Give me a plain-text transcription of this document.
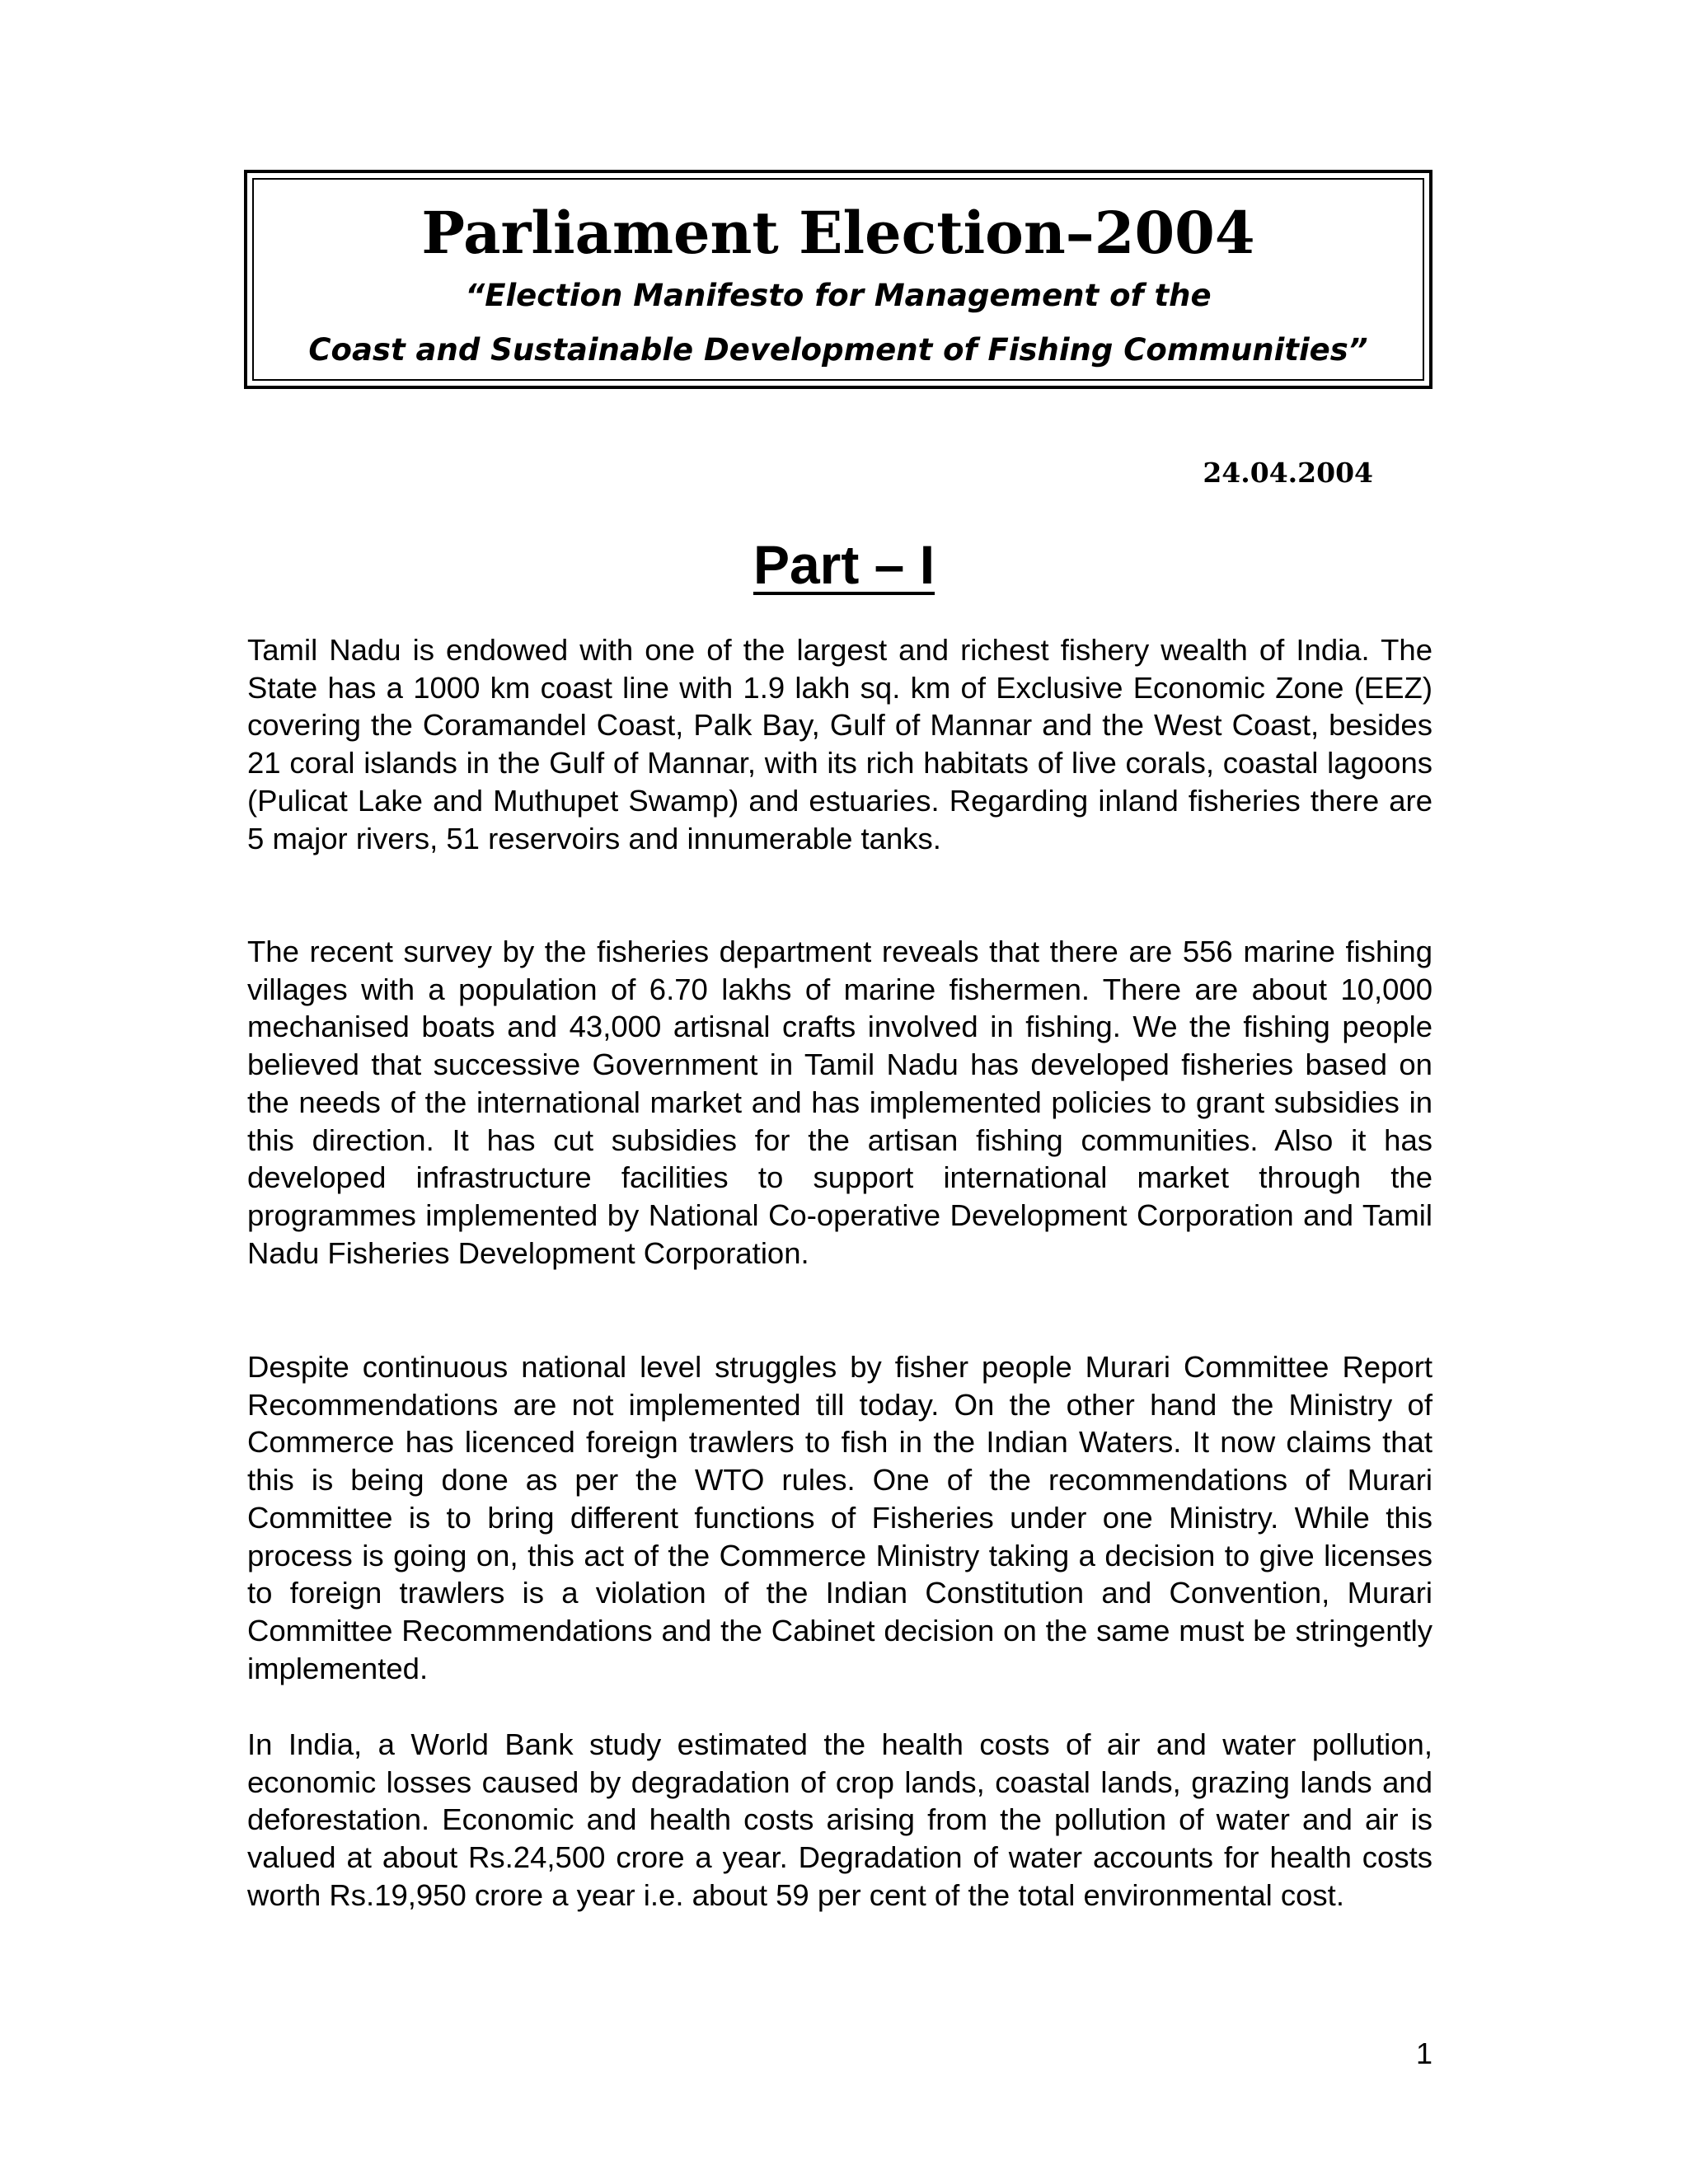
Parliament Election–2004
“Election Manifesto for Management of the
Coast and Sustainable Development of Fishing Communities”
24.04.2004
Part – I

Tamil Nadu is endowed with one of the largest and richest fishery wealth of India. The State has a 1000 km coast line with 1.9 lakh sq. km of Exclusive Economic Zone (EEZ) covering the Coramandel Coast, Palk Bay, Gulf of Mannar and the West Coast, besides 21 coral islands in the Gulf of Mannar, with its rich habitats of live corals, coastal lagoons (Pulicat Lake and Muthupet Swamp) and estuaries. Regarding inland fisheries there are 5 major rivers, 51 reservoirs and innumerable tanks.

The recent survey by the fisheries department reveals that there are 556 marine fishing villages with a population of 6.70 lakhs of marine fishermen. There are about 10,000 mechanised boats and 43,000 artisnal crafts involved in fishing. We the fishing people believed that successive Government in Tamil Nadu has developed fisheries based on the needs of the international market and has implemented policies to grant subsidies in this direction. It has cut subsidies for the artisan fishing communities. Also it has developed infrastructure facilities to support international market through the programmes implemented by National Co-operative Development Corporation and Tamil Nadu Fisheries Development Corporation.

Despite continuous national level struggles by fisher people Murari Committee Report Recommendations are not implemented till today. On the other hand the Ministry of Commerce has licenced foreign trawlers to fish in the Indian Waters. It now claims that this is being done as per the WTO rules. One of the recommendations of Murari Committee is to bring different functions of Fisheries under one Ministry. While this process is going on, this act of the Commerce Ministry taking a decision to give licenses to foreign trawlers is a violation of the Indian Constitution and Convention, Murari Committee Recommendations and the Cabinet decision on the same must be stringently implemented.

In India, a World Bank study estimated the health costs of air and water pollution, economic losses caused by degradation of crop lands, coastal lands, grazing lands and deforestation. Economic and health costs arising from the pollution of water and air is valued at about Rs.24,500 crore a year. Degradation of water accounts for health costs worth Rs.19,950 crore a year i.e. about 59 per cent of the total environmental cost.

1
